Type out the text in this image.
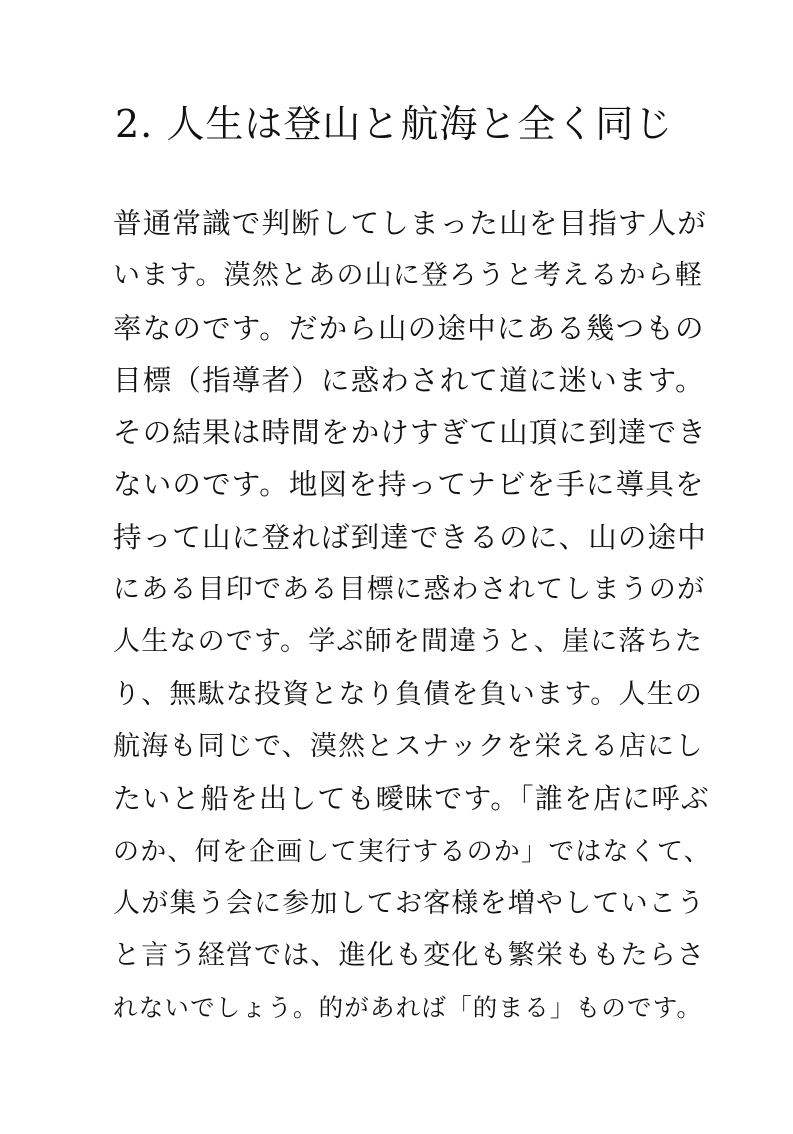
2. 人生は登山と航海と全く同じ
普通常識で判断してしまった山を目指す人が
います。漠然とあの山に登ろうと考えるから軽
率なのです。だから山の途中にある幾つもの
目標（指導者）に惑わされて道に迷います。
その結果は時間をかけすぎて山頂に到達でき
ないのです。地図を持ってナビを手に導具を
持って山に登れば到達できるのに、山の途中
にある目印である目標に惑わされてしまうのが
人生なのです。学ぶ師を間違うと、崖に落ちた
り、無駄な投資となり負債を負います。人生の
航海も同じで、漠然とスナックを栄える店にし
たいと船を出しても曖昧です。「誰を店に呼ぶ
のか、何を企画して実行するのか」ではなくて、
人が集う会に参加してお客様を増やしていこう
と言う経営では、進化も変化も繁栄ももたらさ
れないでしょう。的があれば「的まる」ものです。
